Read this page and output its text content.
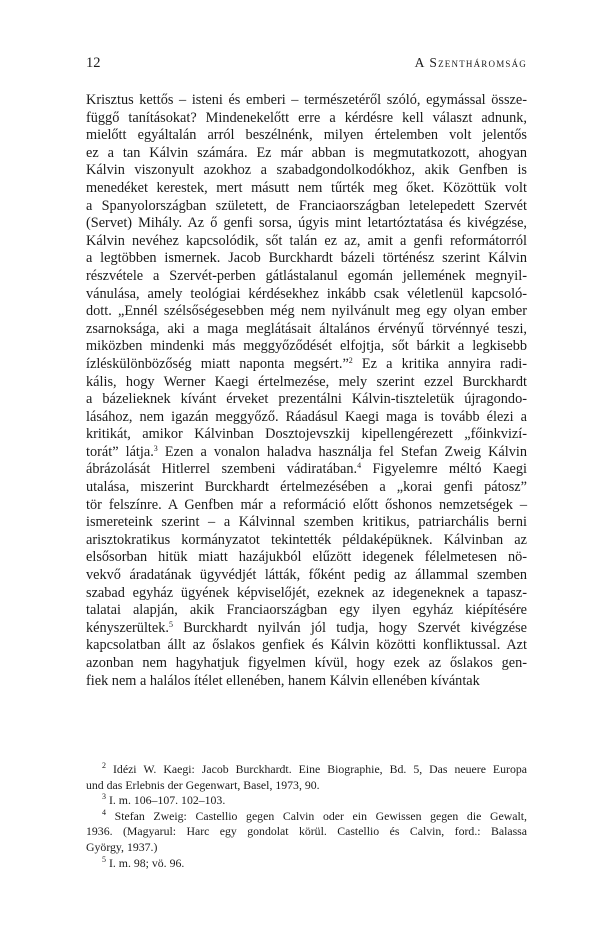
12	A Szentháromság
Krisztus kettős – isteni és emberi – természetéről szóló, egymással össze-
függő tanításokat? Mindenekelőtt erre a kérdésre kell választ adnunk,
mielőtt egyáltalán arról beszélnénk, milyen értelemben volt jelentős
ez a tan Kálvin számára. Ez már abban is megmutatkozott, ahogyan
Kálvin viszonyult azokhoz a szabadgondolkodókhoz, akik Genfben is
menedéket kerestek, mert másutt nem tűrték meg őket. Közöttük volt
a Spanyolországban született, de Franciaországban letelepedett Szervét
(Servet) Mihály. Az ő genfi sorsa, úgyis mint letartóztatása és kivégzése,
Kálvin nevéhez kapcsolódik, sőt talán ez az, amit a genfi reformátorról
a legtöbben ismernek. Jacob Burckhardt bázeli történész szerint Kálvin
részvétele a Szervét-perben gátlástalanul egomán jellemének megnyil-
vánulása, amely teológiai kérdésekhez inkább csak véletlenül kapcsoló-
dott. „Ennél szélsőségesebben még nem nyilvánult meg egy olyan ember
zsarnoksága, aki a maga meglátásait általános érvényű törvénnyé teszi,
miközben mindenki más meggyőződését elfojtja, sőt bárkit a legkisebb
ízléskülönbözőség miatt naponta megsért.”$^2$ Ez a kritika annyira radi-
kális, hogy Werner Kaegi értelmezése, mely szerint ezzel Burckhardt
a bázelieknek kívánt érveket prezentálni Kálvin-tiszteletük újragondo-
lásához, nem igazán meggyőző. Ráadásul Kaegi maga is tovább élezi a
kritikát, amikor Kálvinban Dosztojevszkij kipellengérezett „főinkvizí-
torát” látja.$^3$ Ezen a vonalon haladva használja fel Stefan Zweig Kálvin
ábrázolását Hitlerrel szembeni vádiratában.$^4$ Figyelemre méltó Kaegi
utalása, miszerint Burckhardt értelmezésében a „korai genfi pátosz”
tör felszínre. A Genfben már a reformáció előtt őshonos nemzetségek –
ismereteink szerint – a Kálvinnal szemben kritikus, patriarchális berni
arisztokratikus kormányzatot tekintették példaképüknek. Kálvinban az
elsősorban hitük miatt hazájukból elűzött idegenek félelmetesen nö-
vekvő áradatának ügyvédjét látták, főként pedig az állammal szemben
szabad egyház ügyének képviselőjét, ezeknek az idegeneknek a tapasz-
talatai alapján, akik Franciaországban egy ilyen egyház kiépítésére
kényszerültek.$^5$ Burckhardt nyilván jól tudja, hogy Szervét kivégzése
kapcsolatban állt az őslakos genfiek és Kálvin közötti konfliktussal. Azt
azonban nem hagyhatjuk figyelmen kívül, hogy ezek az őslakos gen-
fiek nem a halálos ítélet ellenében, hanem Kálvin ellenében kívántak
$^2$ Idézi W. Kaegi: Jacob Burckhardt. Eine Biographie, Bd. 5, Das neuere Europa
und das Erlebnis der Gegenwart, Basel, 1973, 90.
$^3$ I. m. 106–107. 102–103.
$^4$ Stefan Zweig: Castellio gegen Calvin oder ein Gewissen gegen die Gewalt,
1936. (Magyarul: Harc egy gondolat körül. Castellio és Calvin, ford.: Balassa
György, 1937.)
$^5$ I. m. 98; vö. 96.
